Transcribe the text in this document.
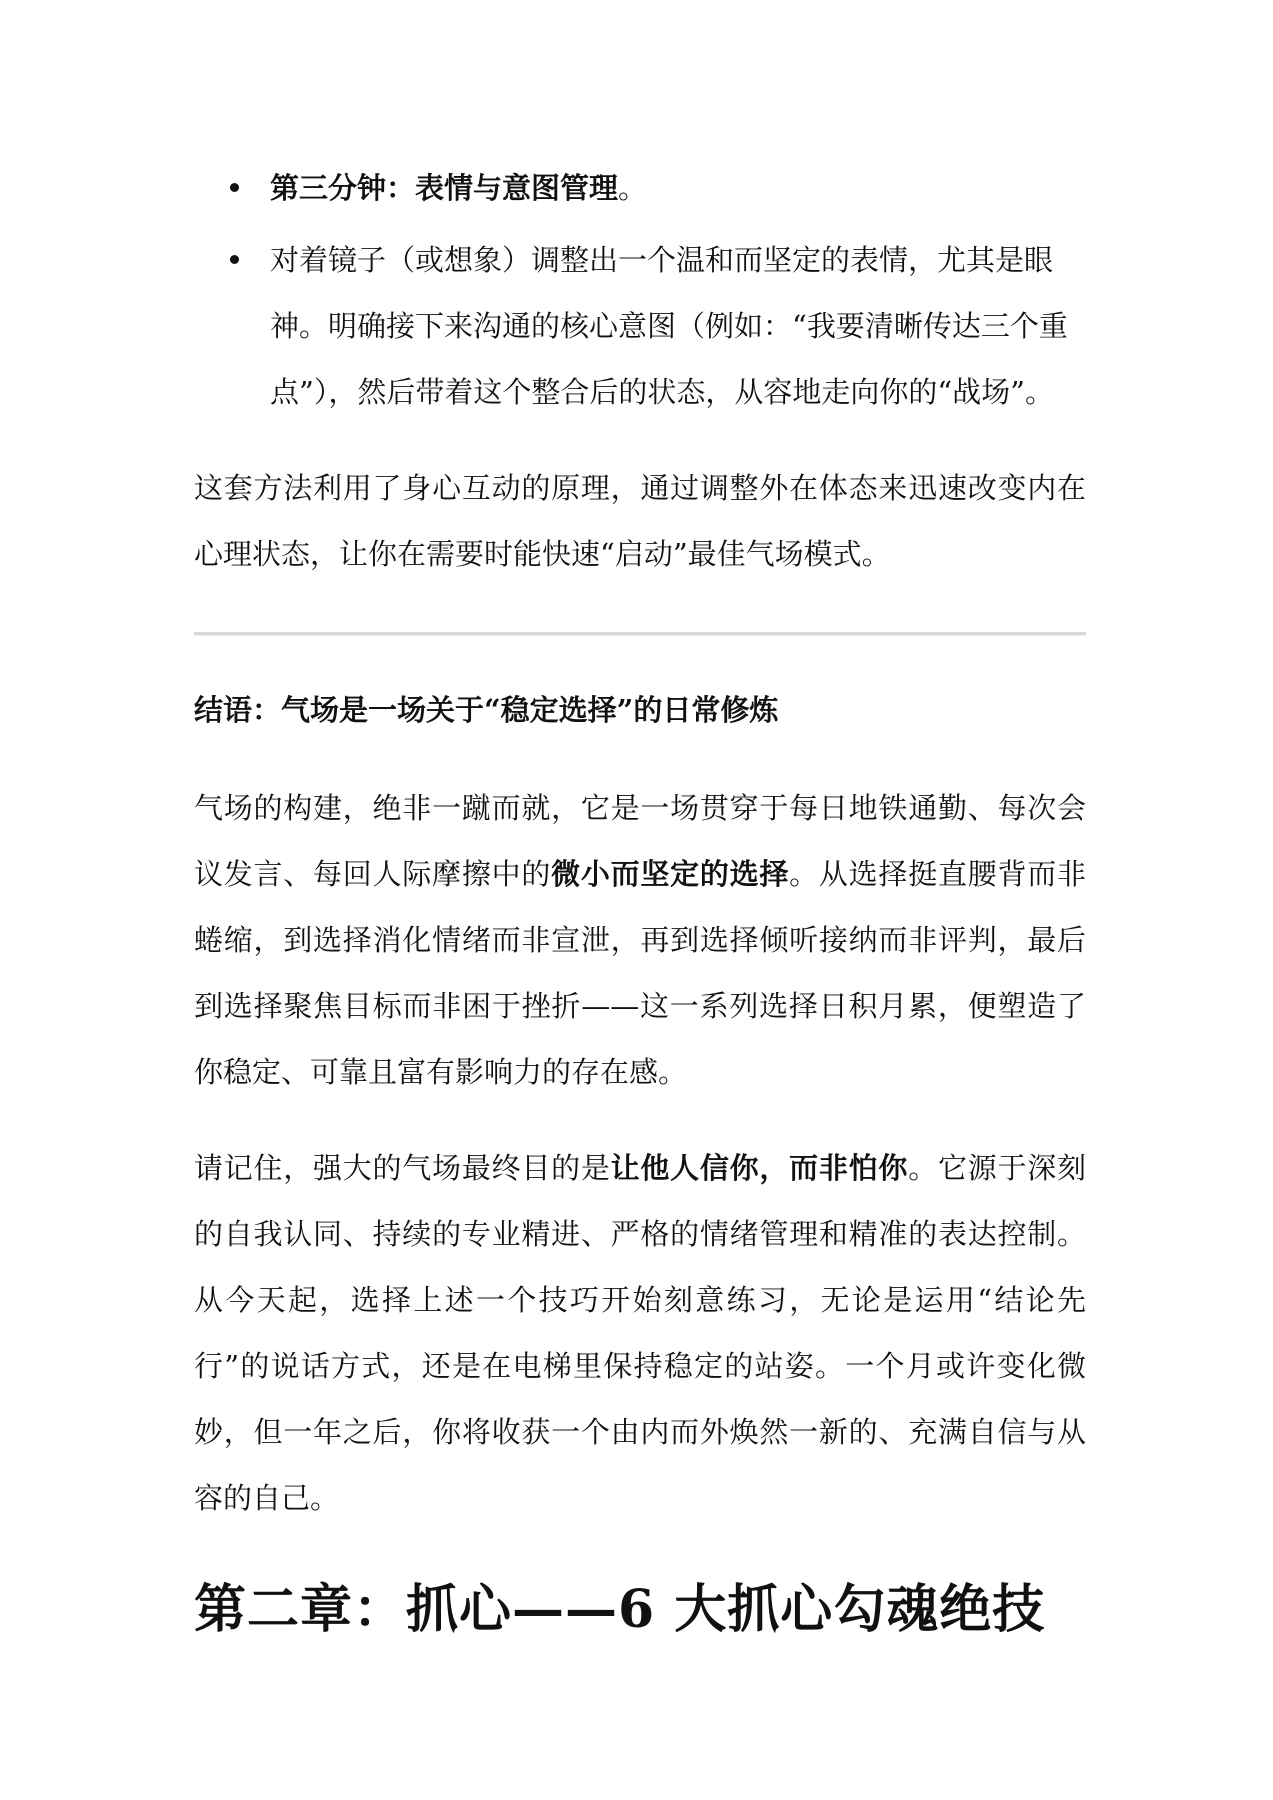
第三分钟：表情与意图管理。
对着镜子（或想象）调整出一个温和而坚定的表情，尤其是眼神。明确接下来沟通的核心意图（例如：“我要清晰传达三个重点”），然后带着这个整合后的状态，从容地走向你的“战场”。

这套方法利用了身心互动的原理，通过调整外在体态来迅速改变内在心理状态，让你在需要时能快速“启动”最佳气场模式。

结语：气场是一场关于“稳定选择”的日常修炼

气场的构建，绝非一蹴而就，它是一场贯穿于每日地铁通勤、每次会议发言、每回人际摩擦中的微小而坚定的选择。从选择挺直腰背而非蜷缩，到选择消化情绪而非宣泄，再到选择倾听接纳而非评判，最后到选择聚焦目标而非困于挫折——这一系列选择日积月累，便塑造了你稳定、可靠且富有影响力的存在感。

请记住，强大的气场最终目的是让他人信你，而非怕你。它源于深刻的自我认同、持续的专业精进、严格的情绪管理和精准的表达控制。从今天起，选择上述一个技巧开始刻意练习，无论是运用“结论先行”的说话方式，还是在电梯里保持稳定的站姿。一个月或许变化微妙，但一年之后，你将收获一个由内而外焕然一新的、充满自信与从容的自己。

第二章：抓心——6 大抓心勾魂绝技
